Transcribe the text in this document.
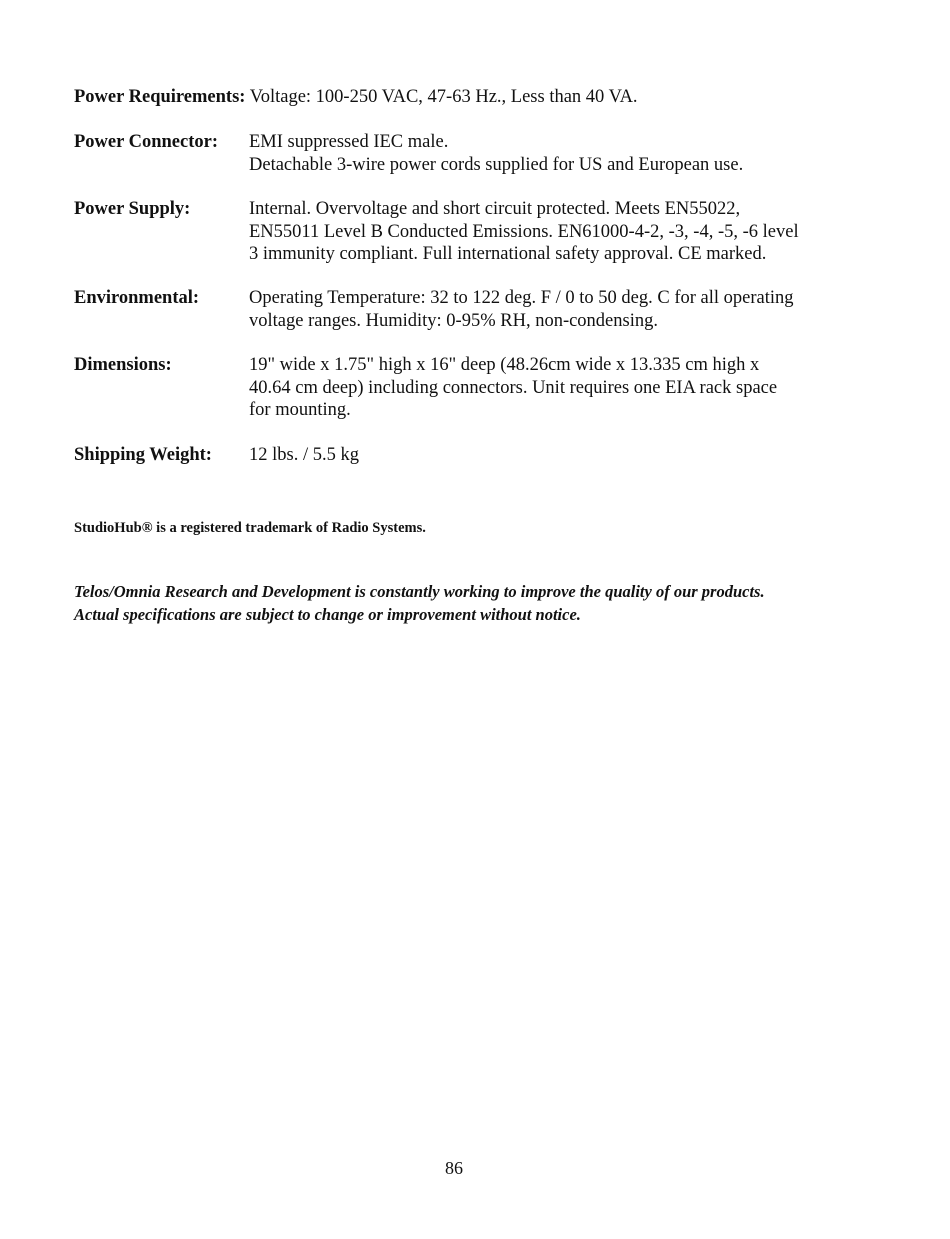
Power Requirements: Voltage: 100-250 VAC, 47-63 Hz., Less than 40 VA.
Power Connector: EMI suppressed IEC male.
Detachable 3-wire power cords supplied for US and European use.
Power Supply:	Internal. Overvoltage and short circuit protected. Meets EN55022,
EN55011 Level B Conducted Emissions. EN61000-4-2, -3, -4, -5, -6 level
3 immunity compliant. Full international safety approval. CE marked.
Environmental:	Operating Temperature: 32 to 122 deg. F / 0 to 50 deg. C for all operating
voltage ranges. Humidity: 0-95% RH, non-condensing.
Dimensions:	19" wide x 1.75" high x 16" deep (48.26cm wide x 13.335 cm high x
40.64 cm deep) including connectors. Unit requires one EIA rack space
for mounting.
Shipping Weight: 12 lbs. / 5.5 kg
StudioHub® is a registered trademark of Radio Systems.
Telos/Omnia Research and Development is constantly working to improve the quality of our products.
Actual specifications are subject to change or improvement without notice.
86
